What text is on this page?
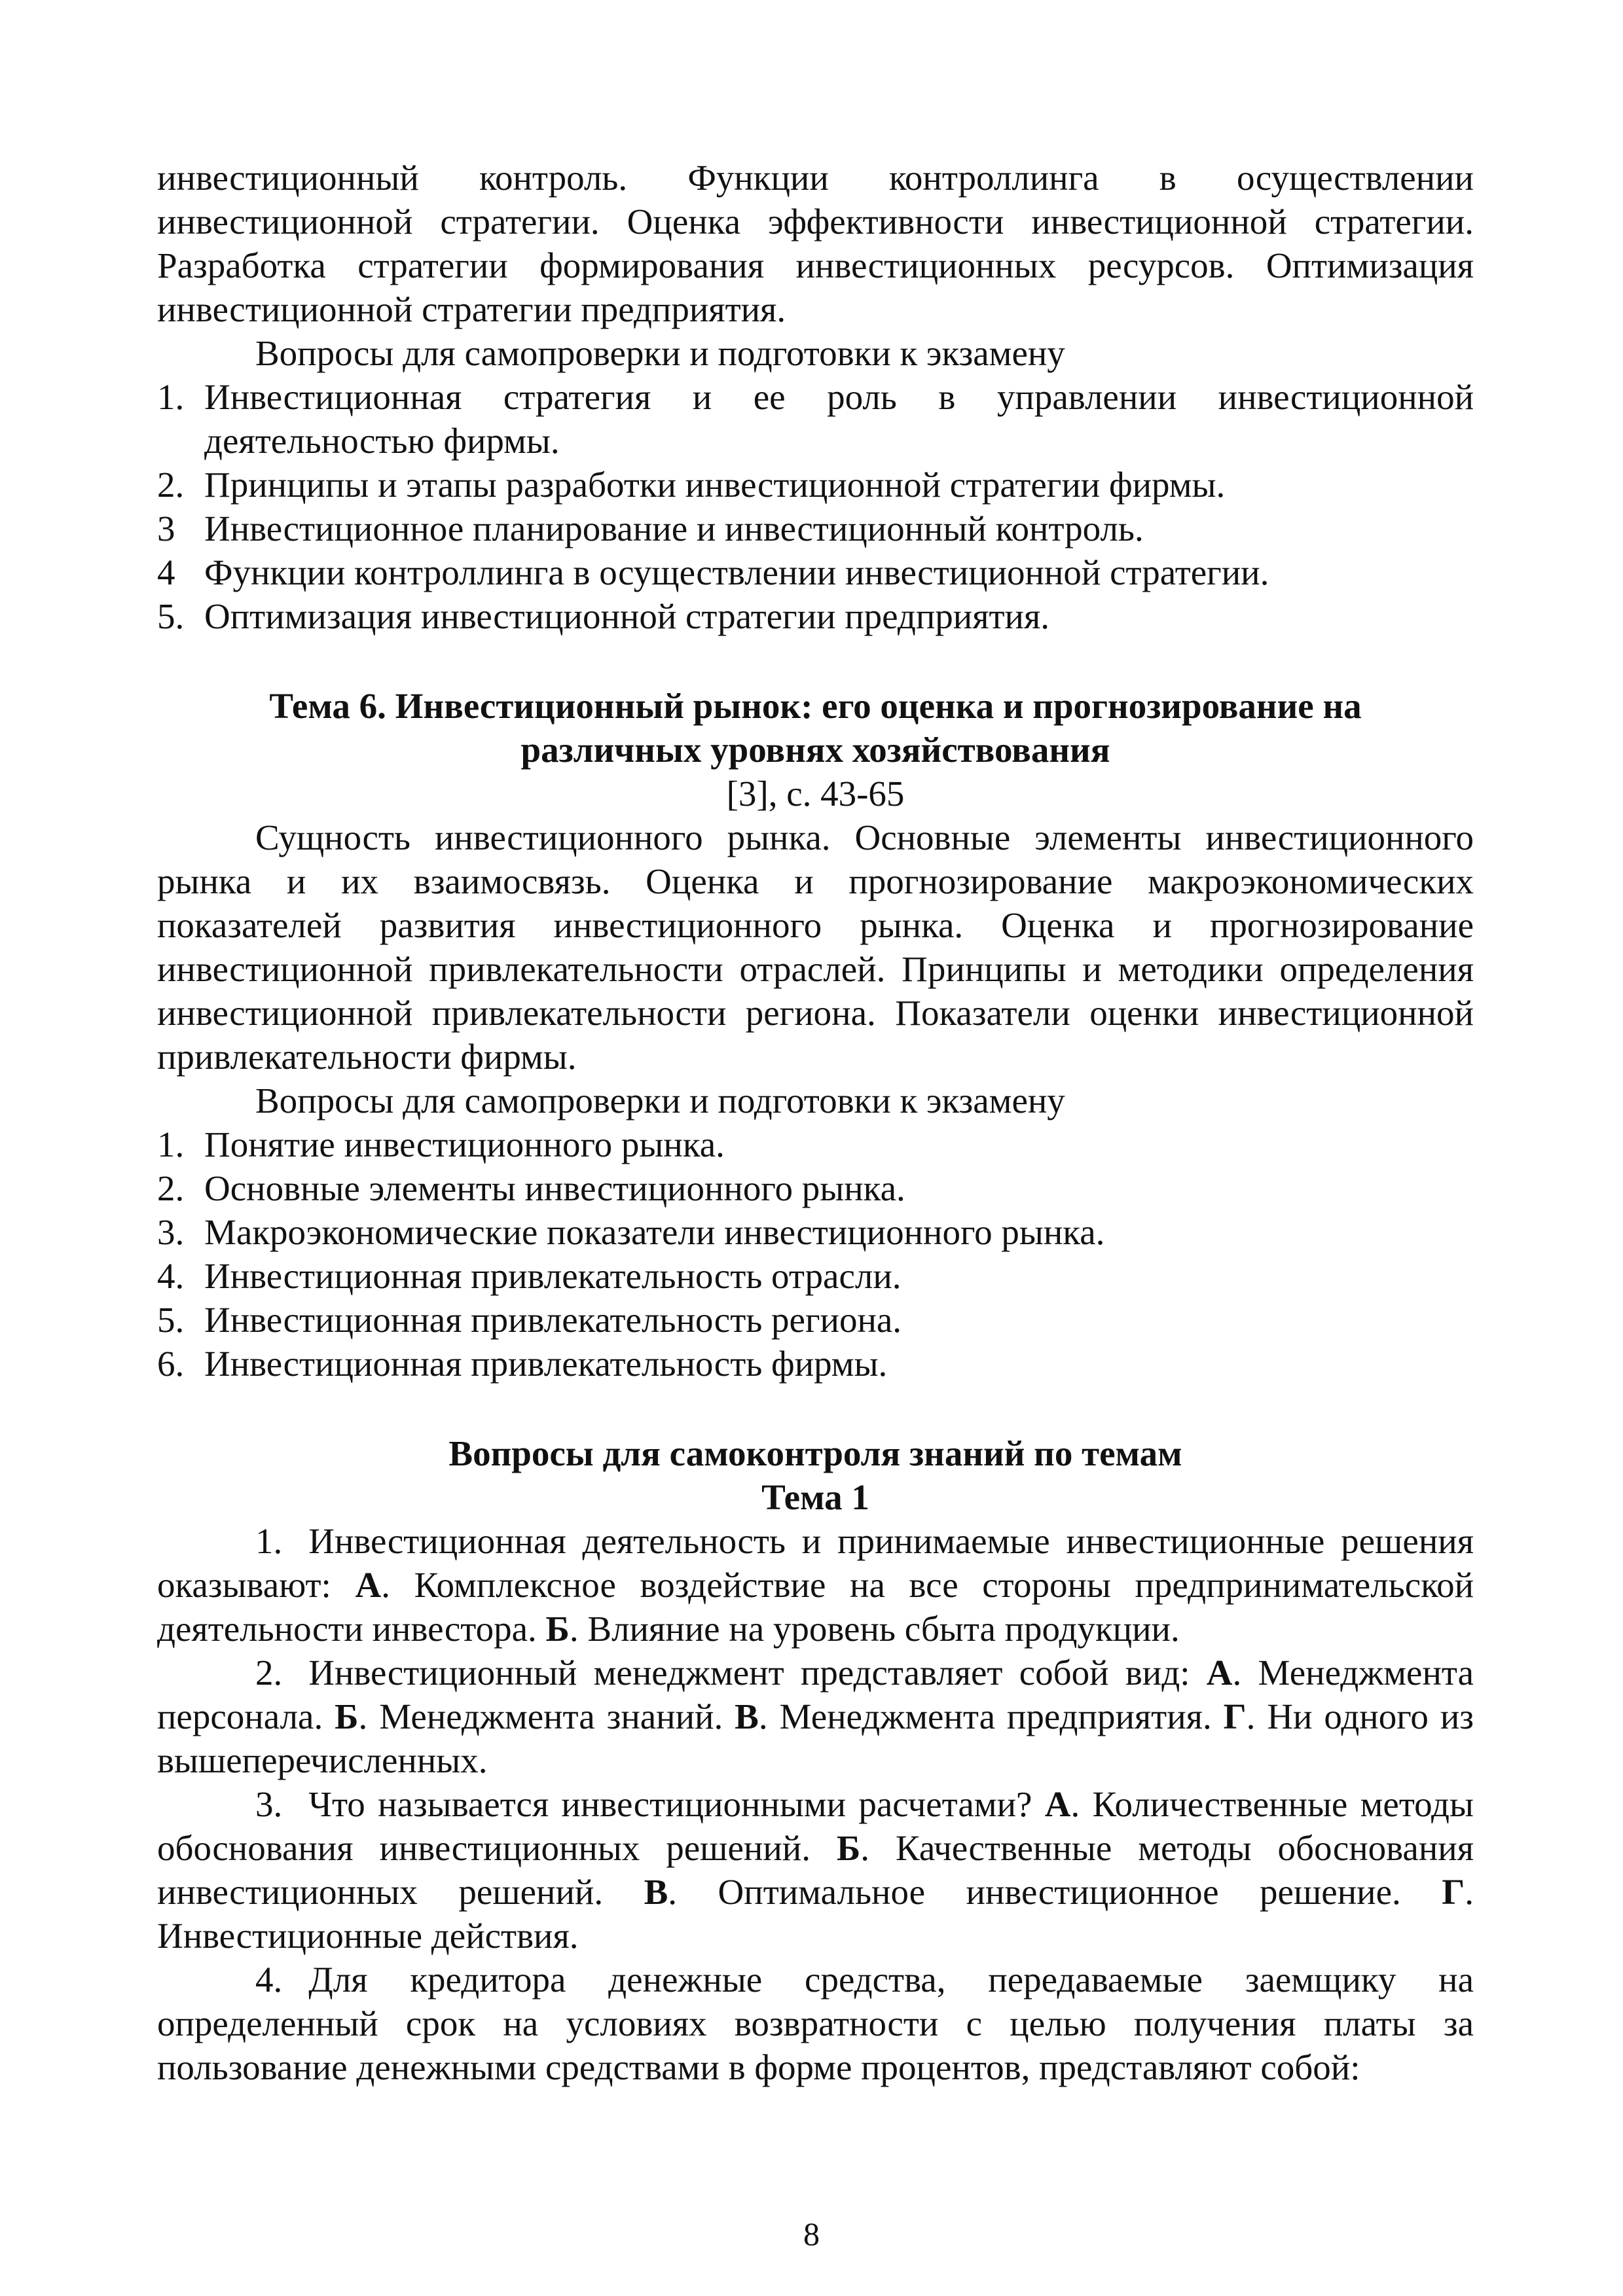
инвестиционный контроль. Функции контроллинга в осуществлении инвестиционной стратегии. Оценка эффективности инвестиционной стратегии. Разработка стратегии формирования инвестиционных ресурсов. Оптимизация инвестиционной стратегии предприятия.

Вопросы для самопроверки и подготовки к экзамену

1. Инвестиционная стратегия и ее роль в управлении инвестиционной деятельностью фирмы.
2. Принципы и этапы разработки инвестиционной стратегии фирмы.
3 Инвестиционное планирование и инвестиционный контроль.
4 Функции контроллинга в осуществлении инвестиционной стратегии.
5. Оптимизация инвестиционной стратегии предприятия.

Тема 6. Инвестиционный рынок: его оценка и прогнозирование на

различных уровнях хозяйствования

[3], с. 43-65

Сущность инвестиционного рынка. Основные элементы инвестиционного рынка и их взаимосвязь. Оценка и прогнозирование макроэкономических показателей развития инвестиционного рынка. Оценка и прогнозирование инвестиционной привлекательности отраслей. Принципы и методики определения инвестиционной привлекательности региона. Показатели оценки инвестиционной привлекательности фирмы.

Вопросы для самопроверки и подготовки к экзамену

1. Понятие инвестиционного рынка.
2. Основные элементы инвестиционного рынка.
3. Макроэкономические показатели инвестиционного рынка.
4. Инвестиционная привлекательность отрасли.
5. Инвестиционная привлекательность региона.
6. Инвестиционная привлекательность фирмы.

Вопросы для самоконтроля знаний по темам

Тема 1

1. Инвестиционная деятельность и принимаемые инвестиционные решения оказывают: А. Комплексное воздействие на все стороны предпринимательской деятельности инвестора. Б. Влияние на уровень сбыта продукции.

2. Инвестиционный менеджмент представляет собой вид: А. Менеджмента персонала. Б. Менеджмента знаний. В. Менеджмента предприятия. Г. Ни одного из вышеперечисленных.

3. Что называется инвестиционными расчетами? А. Количественные методы обоснования инвестиционных решений. Б. Качественные методы обоснования инвестиционных решений. В. Оптимальное инвестиционное решение. Г. Инвестиционные действия.

4. Для кредитора денежные средства, передаваемые заемщику на определенный срок на условиях возвратности с целью получения платы за пользование денежными средствами в форме процентов, представляют собой:

8
